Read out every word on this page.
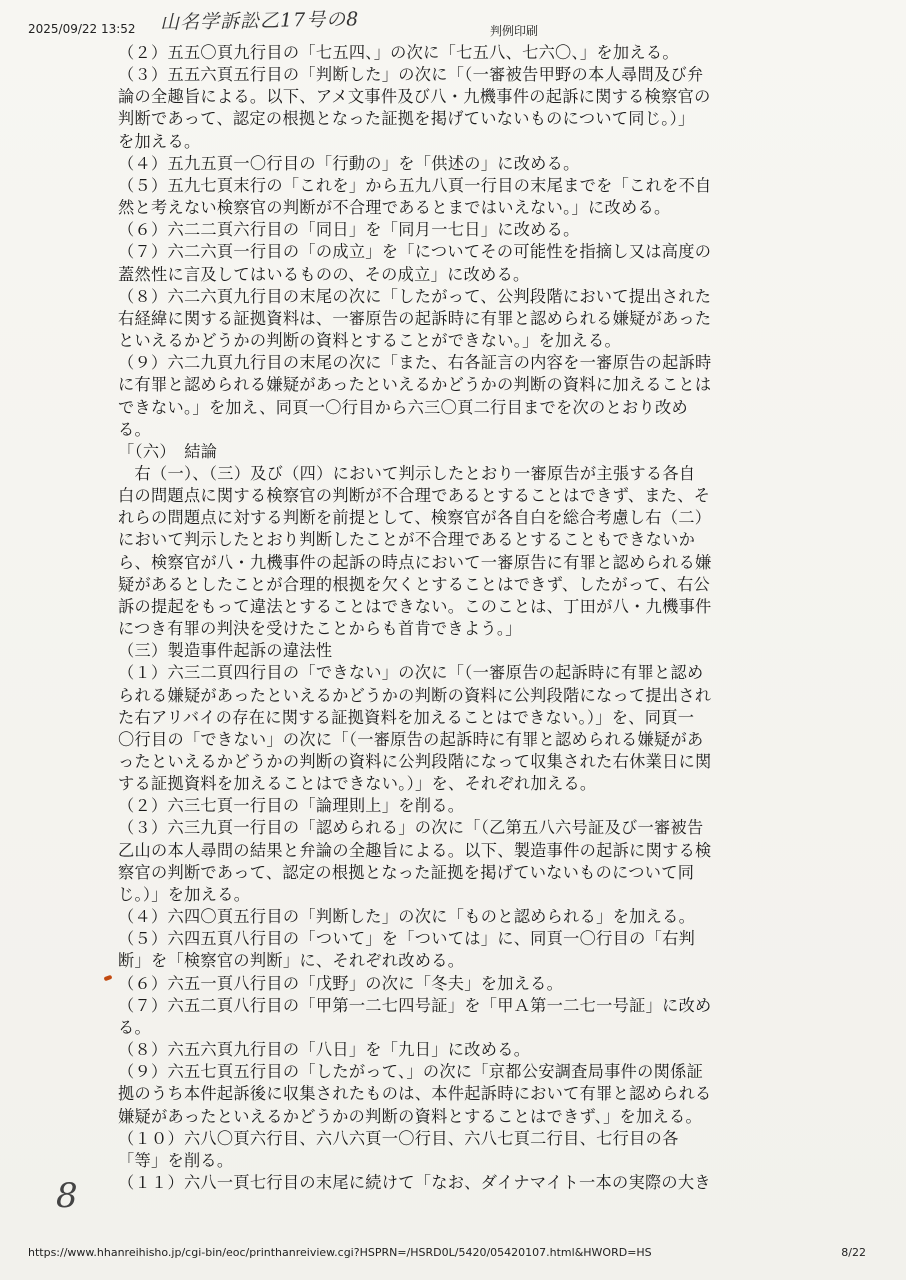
2025/09/22 13:52 山名学訴訟乙17号の8	判例印刷
（２）五五〇頁九行目の「七五四、」の次に「七五八、七六〇、」を加える。
（３）五五六頁五行目の「判断した」の次に「（一審被告甲野の本人尋問及び弁
論の全趣旨による。以下、アメ文事件及び八・九機事件の起訴に関する検察官の
判断であって、認定の根拠となった証拠を掲げていないものについて同じ。）」
を加える。
（４）五九五頁一〇行目の「行動の」を「供述の」に改める。
（５）五九七頁末行の「これを」から五九八頁一行目の末尾までを「これを不自
然と考えない検察官の判断が不合理であるとまではいえない。」に改める。
（６）六二二頁六行目の「同日」を「同月一七日」に改める。
（７）六二六頁一行目の「の成立」を「についてその可能性を指摘し又は高度の
蓋然性に言及してはいるものの、その成立」に改める。
（８）六二六頁九行目の末尾の次に「したがって、公判段階において提出された
右経緯に関する証拠資料は、一審原告の起訴時に有罪と認められる嫌疑があった
といえるかどうかの判断の資料とすることができない。」を加える。
（９）六二九頁九行目の末尾の次に「また、右各証言の内容を一審原告の起訴時
に有罪と認められる嫌疑があったといえるかどうかの判断の資料に加えることは
できない。」を加え、同頁一〇行目から六三〇頁二行目までを次のとおり改め
る。
「（六）　結論
　右（一）、（三）及び（四）において判示したとおり一審原告が主張する各自
白の問題点に関する検察官の判断が不合理であるとすることはできず、また、そ
れらの問題点に対する判断を前提として、検察官が各自白を総合考慮し右（二）
において判示したとおり判断したことが不合理であるとすることもできないか
ら、検察官が八・九機事件の起訴の時点において一審原告に有罪と認められる嫌
疑があるとしたことが合理的根拠を欠くとすることはできず、したがって、右公
訴の提起をもって違法とすることはできない。このことは、丁田が八・九機事件
につき有罪の判決を受けたことからも首肯できよう。」
（三）製造事件起訴の違法性
（１）六三二頁四行目の「できない」の次に「（一審原告の起訴時に有罪と認め
られる嫌疑があったといえるかどうかの判断の資料に公判段階になって提出され
た右アリバイの存在に関する証拠資料を加えることはできない。）」を、同頁一
〇行目の「できない」の次に「（一審原告の起訴時に有罪と認められる嫌疑があ
ったといえるかどうかの判断の資料に公判段階になって収集された右休業日に関
する証拠資料を加えることはできない。）」を、それぞれ加える。
（２）六三七頁一行目の「論理則上」を削る。
（３）六三九頁一行目の「認められる」の次に「（乙第五八六号証及び一審被告
乙山の本人尋問の結果と弁論の全趣旨による。以下、製造事件の起訴に関する検
察官の判断であって、認定の根拠となった証拠を掲げていないものについて同
じ。）」を加える。
（４）六四〇頁五行目の「判断した」の次に「ものと認められる」を加える。
（５）六四五頁八行目の「ついて」を「ついては」に、同頁一〇行目の「右判
断」を「検察官の判断」に、それぞれ改める。
（６）六五一頁八行目の「戊野」の次に「冬夫」を加える。
（７）六五二頁八行目の「甲第一二七四号証」を「甲Ａ第一二七一号証」に改め
る。
（８）六五六頁九行目の「八日」を「九日」に改める。
（９）六五七頁五行目の「したがって、」の次に「京都公安調査局事件の関係証
拠のうち本件起訴後に収集されたものは、本件起訴時において有罪と認められる
嫌疑があったといえるかどうかの判断の資料とすることはできず、」を加える。
（１０）六八〇頁六行目、六八六頁一〇行目、六八七頁二行目、七行目の各
「等」を削る。
（１１）六八一頁七行目の末尾に続けて「なお、ダイナマイト一本の実際の大き
8
https://www.hhanreihisho.jp/cgi-bin/eoc/printhanreiview.cgi?HSPRN=/HSRD0L/5420/05420107.html&HWORD=HS	8/22
